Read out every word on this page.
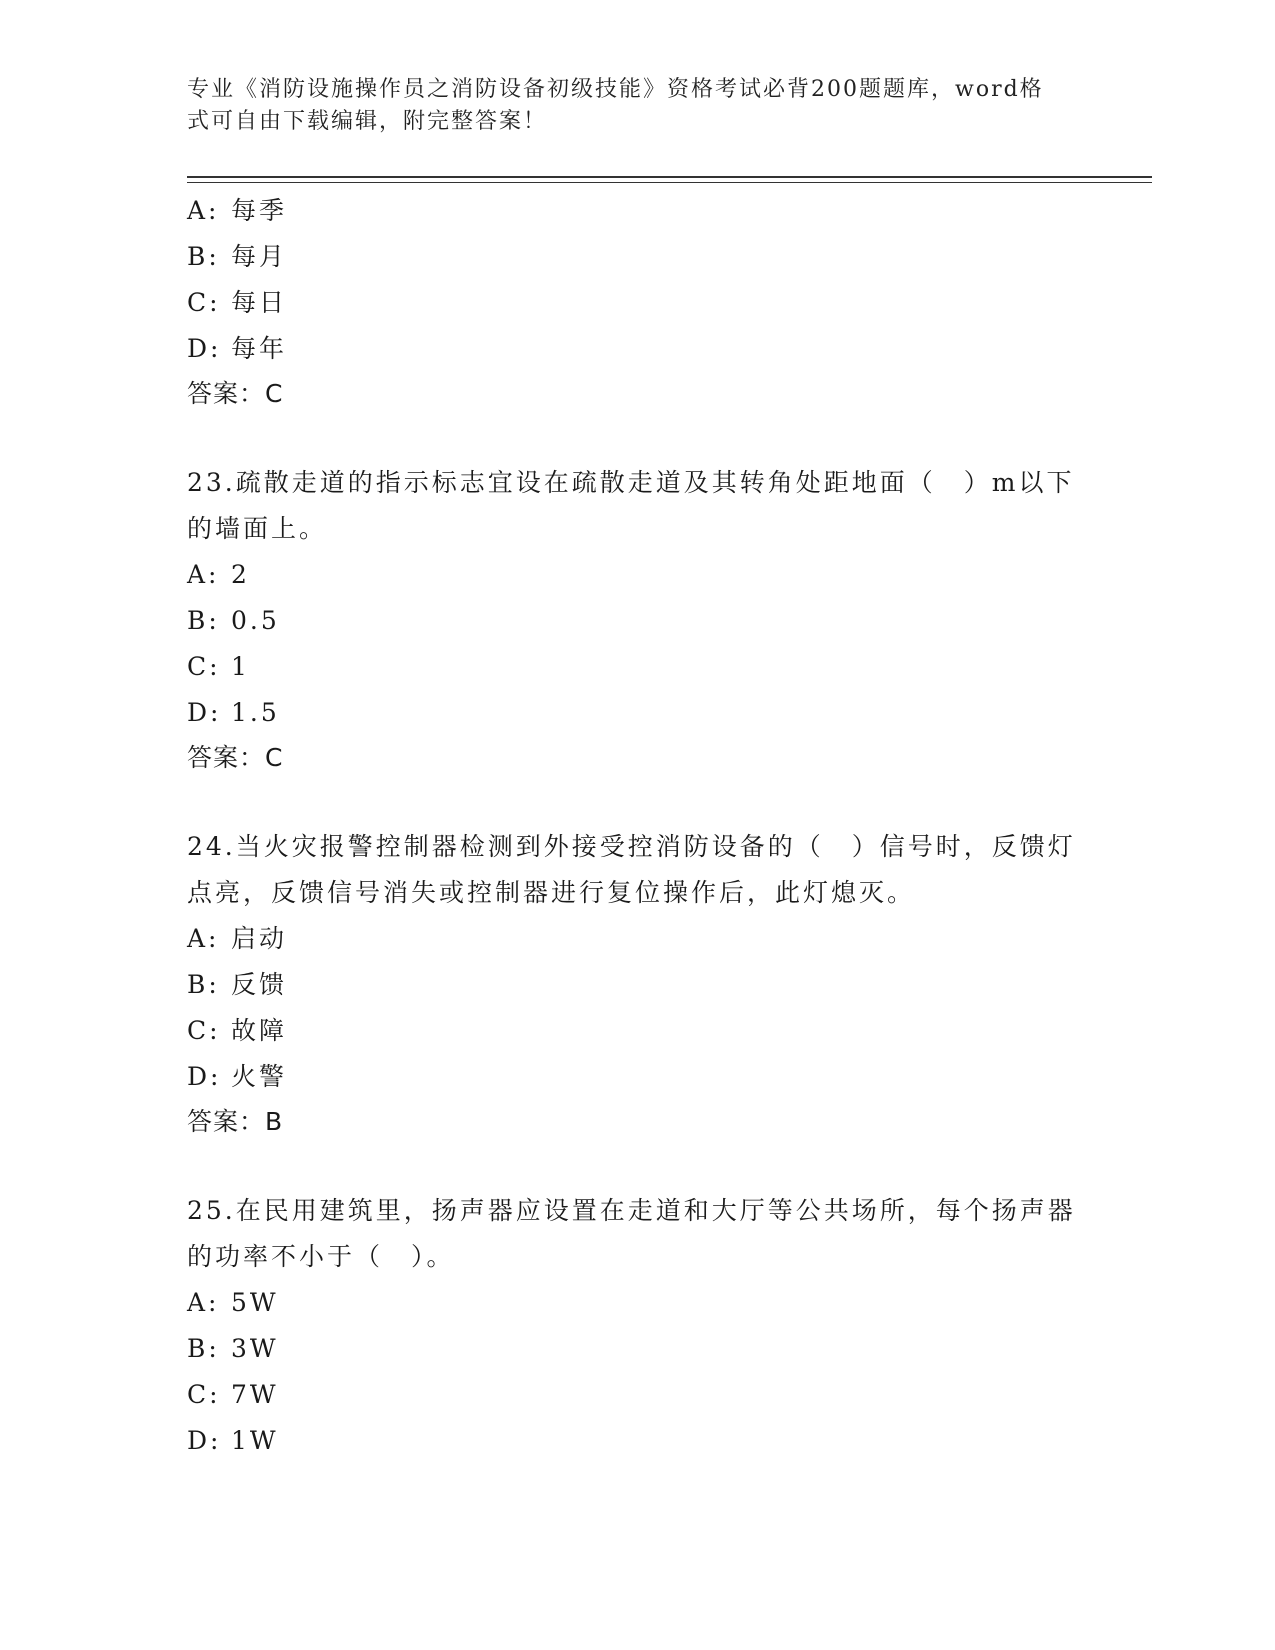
专业《消防设施操作员之消防设备初级技能》资格考试必背200题题库，word格式可自由下载编辑，附完整答案！
A: 每季
B: 每月
C: 每日
D: 每年
答案：C
23.疏散走道的指示标志宜设在疏散走道及其转角处距地面（　）m以下的墙面上。
A: 2
B: 0.5
C: 1
D: 1.5
答案：C
24.当火灾报警控制器检测到外接受控消防设备的（　）信号时，反馈灯点亮，反馈信号消失或控制器进行复位操作后，此灯熄灭。
A: 启动
B: 反馈
C: 故障
D: 火警
答案：B
25.在民用建筑里，扬声器应设置在走道和大厅等公共场所，每个扬声器的功率不小于（　）。
A: 5W
B: 3W
C: 7W
D: 1W
